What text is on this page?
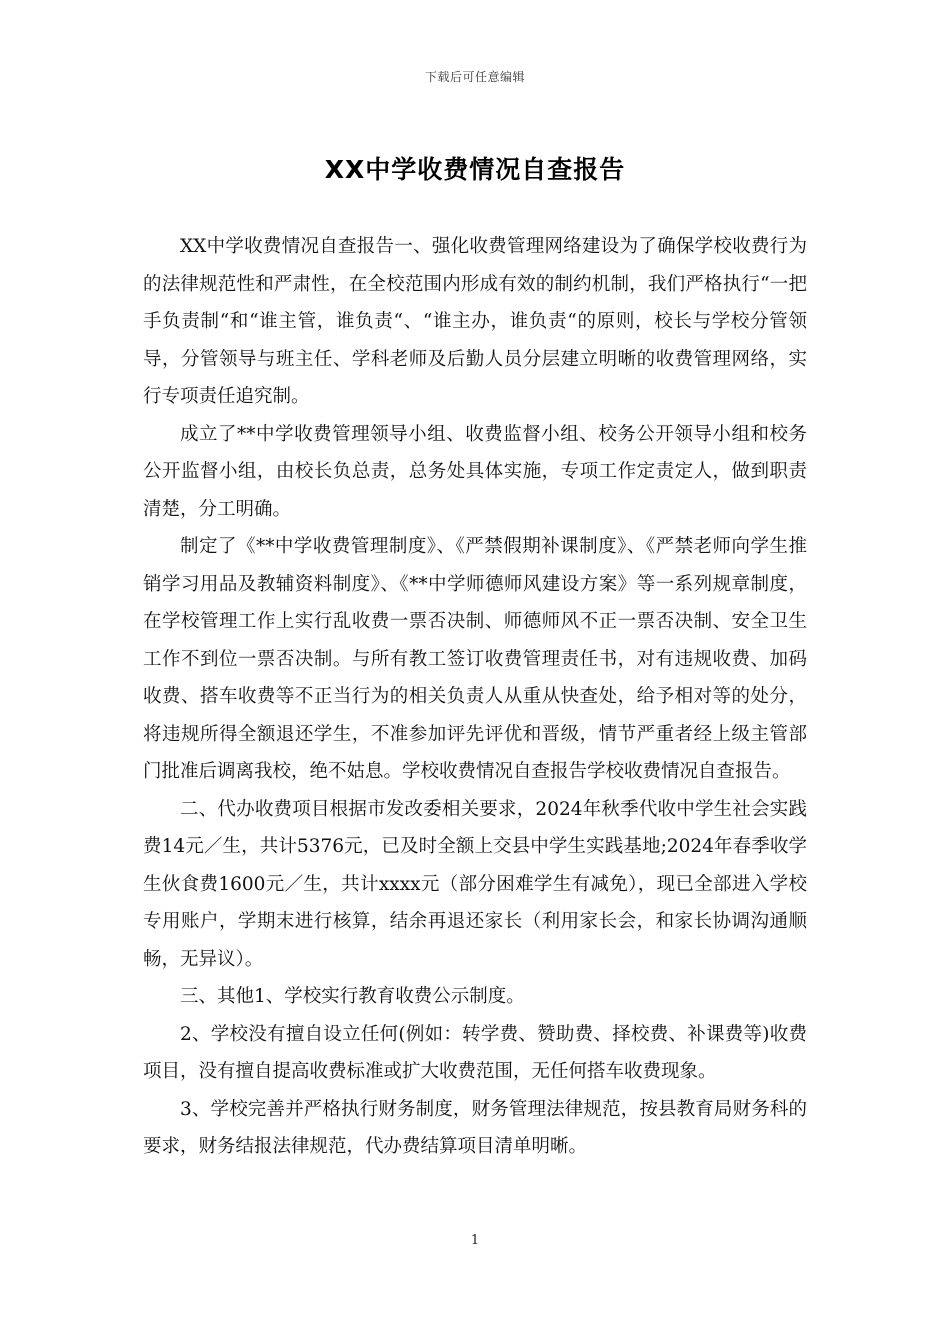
下载后可任意编辑
XX中学收费情况自查报告

XX中学收费情况自查报告一、强化收费管理网络建设为了确保学校收费行为的法律规范性和严肃性，在全校范围内形成有效的制约机制，我们严格执行“一把手负责制“和“谁主管，谁负责“、“谁主办，谁负责“的原则，校长与学校分管领导，分管领导与班主任、学科老师及后勤人员分层建立明晰的收费管理网络，实行专项责任追究制。

成立了**中学收费管理领导小组、收费监督小组、校务公开领导小组和校务公开监督小组，由校长负总责，总务处具体实施，专项工作定责定人，做到职责清楚，分工明确。

制定了《**中学收费管理制度》、《严禁假期补课制度》、《严禁老师向学生推销学习用品及教辅资料制度》、《**中学师德师风建设方案》等一系列规章制度，在学校管理工作上实行乱收费一票否决制、师德师风不正一票否决制、安全卫生工作不到位一票否决制。与所有教工签订收费管理责任书，对有违规收费、加码收费、搭车收费等不正当行为的相关负责人从重从快查处，给予相对等的处分，将违规所得全额退还学生，不准参加评先评优和晋级，情节严重者经上级主管部门批准后调离我校，绝不姑息。学校收费情况自查报告学校收费情况自查报告。

二、代办收费项目根据市发改委相关要求，2024年秋季代收中学生社会实践费14元／生，共计5376元，已及时全额上交县中学生实践基地;2024年春季收学生伙食费1600元／生，共计xxxx元（部分困难学生有减免），现已全部进入学校专用账户，学期末进行核算，结余再退还家长（利用家长会，和家长协调沟通顺畅，无异议）。

三、其他1、学校实行教育收费公示制度。

2、学校没有擅自设立任何(例如：转学费、赞助费、择校费、补课费等)收费项目，没有擅自提高收费标准或扩大收费范围，无任何搭车收费现象。

3、学校完善并严格执行财务制度，财务管理法律规范，按县教育局财务科的要求，财务结报法律规范，代办费结算项目清单明晰。

1
